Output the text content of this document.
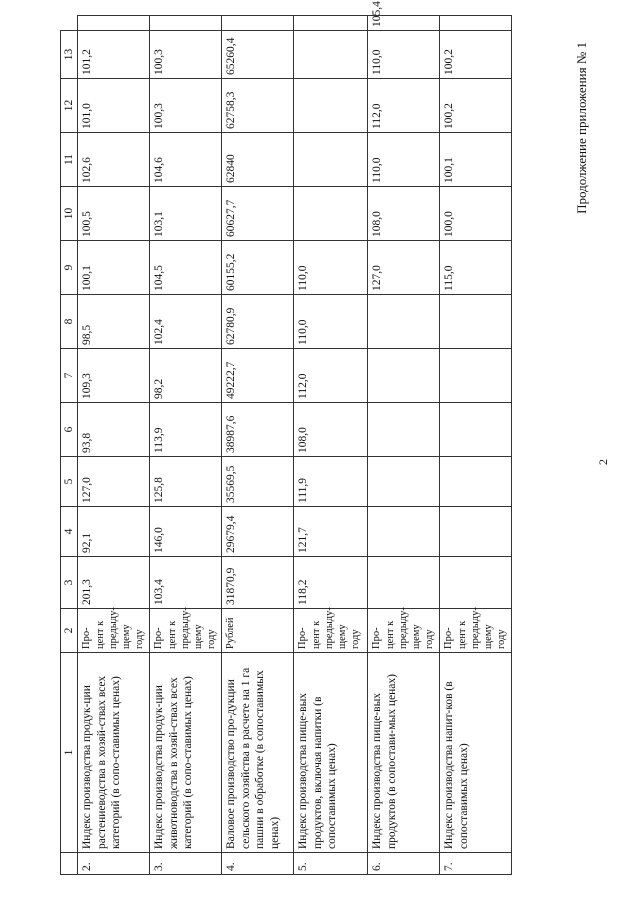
2
Продолжение приложения № 1
	1	2	3	4	5	6	7	8	9	10	11	12	13	
2.	Индекс производства продук-ции растениеводства в хозяй-ствах всех категорий (в сопо-ставимых ценах)	Про-цент к предыду-щему году	201,3	92,1	127,0	93,8	109,3	98,5	100,1	100,5	102,6	101,0	101,2	
3.	Индекс производства продук-ции животноводства в хозяй-ствах всех категорий (в сопо-ставимых ценах)	Про-цент к предыду-щему году	103,4	146,0	125,8	113,9	98,2	102,4	104,5	103,1	104,6	100,3	100,3	
4.	Валовое производство про-дукции сельского хозяйства в расчете на 1 га пашни в обработке (в сопоставимых ценах)	Рублей	31870,9	29679,4	35569,5	38987,6	49222,7	62780,9	60155,2	60627,7	62840	62758,3	65260,4	
5.	Индекс производства пище-вых продуктов, включая напитки (в сопоставимых ценах)	Про-цент к предыду-щему году	118,2	121,7	111,9	108,0	112,0	110,0	110,0					
6.	Индекс производства пище-вых продуктов (в сопостави-мых ценах)	Про-цент к предыду-щему году							127,0	108,0	110,0	112,0	110,0	105,4
7.	Индекс производства напит-ков (в сопоставимых ценах)	Про-цент к предыду-щему году							115,0	100,0	100,1	100,2	100,2	
